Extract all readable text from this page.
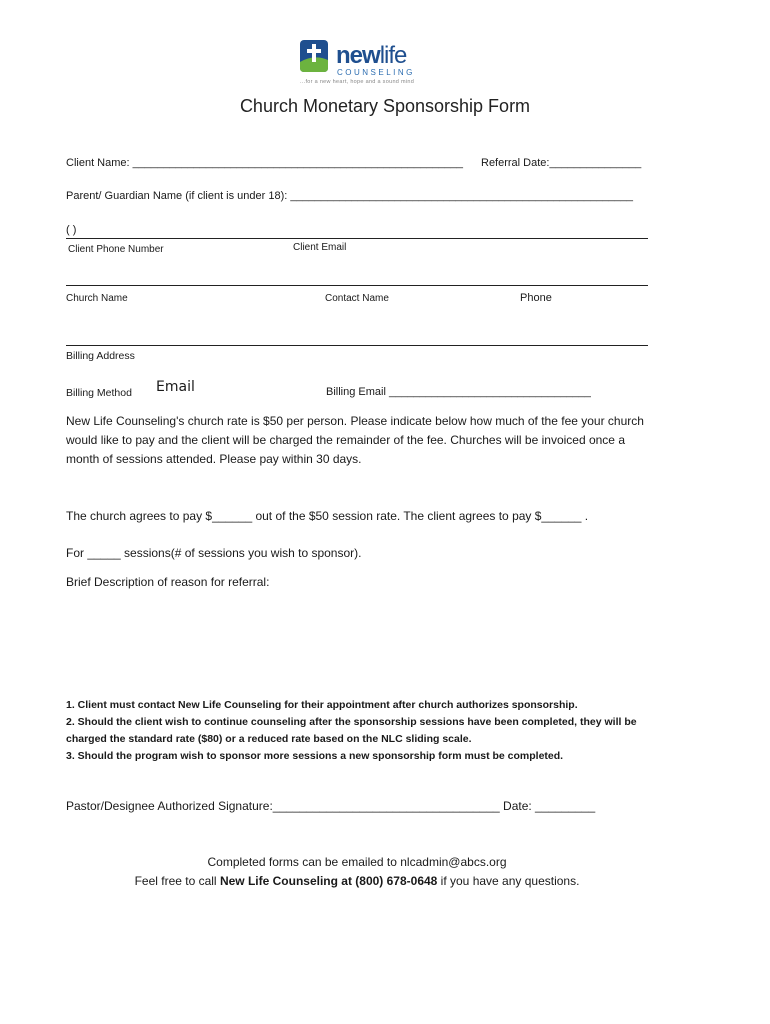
newlife
COUNSELING
...for a new heart, hope and a sound mind
Church Monetary Sponsorship Form
Client Name: ______________________________________________________ Referral Date:_______________
Parent/ Guardian Name (if client is under 18): ________________________________________________________
( )
Client Phone Number	Client Email
Church Name	Contact Name	Phone
Billing Address
Billing Method Email	Billing Email _________________________________
New Life Counseling's church rate is $50 per person. Please indicate below how much of the fee your church would like to pay and the client will be charged the remainder of the fee. Churches will be invoiced once a month of sessions attended. Please pay within 30 days.
The church agrees to pay $______ out of the $50 session rate. The client agrees to pay $______ .
For _____ sessions(# of sessions you wish to sponsor).
Brief Description of reason for referral:
1. Client must contact New Life Counseling for their appointment after church authorizes sponsorship.
2. Should the client wish to continue counseling after the sponsorship sessions have been completed, they will be charged the standard rate ($80) or a reduced rate based on the NLC sliding scale.
3. Should the program wish to sponsor more sessions a new sponsorship form must be completed.
Pastor/Designee Authorized Signature:__________________________________ Date: _________
Completed forms can be emailed to nlcadmin@abcs.org
Feel free to call New Life Counseling at (800) 678-0648 if you have any questions.
